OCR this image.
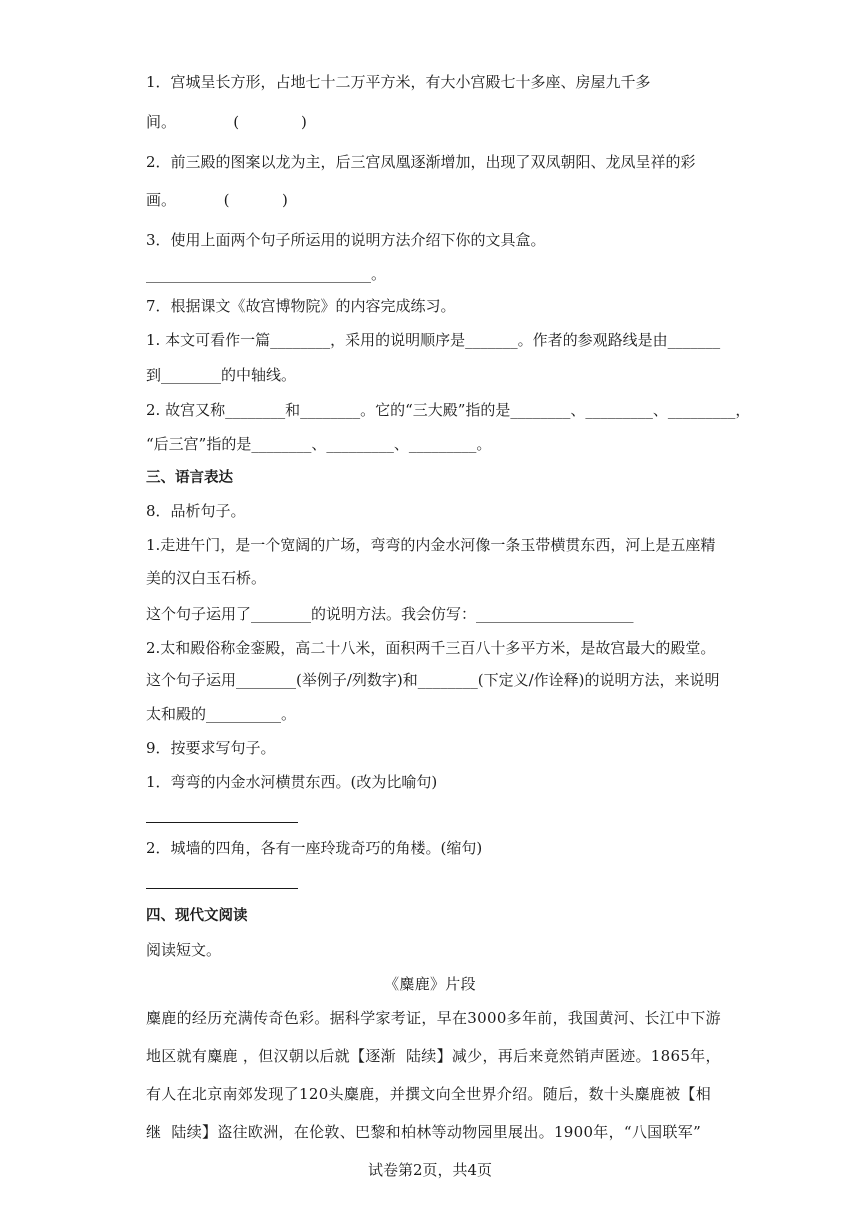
1．宫城呈长方形，占地七十二万平方米，有大小宫殿七十多座、房屋九千多
间。            (             )
2．前三殿的图案以龙为主，后三宫凤凰逐渐增加，出现了双凤朝阳、龙凤呈祥的彩
画。          (           )
3．使用上面两个句子所运用的说明方法介绍下你的文具盒。
______________________________。
7．根据课文《故宫博物院》的内容完成练习。
1. 本文可看作一篇________，采用的说明顺序是_______。作者的参观路线是由_______
到________的中轴线。
2. 故宫又称________和________。它的“三大殿”指的是________、_________、_________，
“后三宫”指的是________、_________、_________。
三、语言表达
8．品析句子。
1.走进午门，是一个宽阔的广场，弯弯的内金水河像一条玉带横贯东西，河上是五座精
美的汉白玉石桥。
这个句子运用了________的说明方法。我会仿写：_____________________
2.太和殿俗称金銮殿，高二十八米，面积两千三百八十多平方米，是故宫最大的殿堂。
这个句子运用________(举例子/列数字)和________(下定义/作诠释)的说明方法，来说明
太和殿的__________。
9．按要求写句子。
1．弯弯的内金水河横贯东西。(改为比喻句)
2．城墙的四角，各有一座玲珑奇巧的角楼。(缩句)
四、现代文阅读
阅读短文。
《麋鹿》片段
麋鹿的经历充满传奇色彩。据科学家考证，早在3000多年前，我国黄河、长江中下游
地区就有麋鹿 ，但汉朝以后就【逐渐  陆续】减少，再后来竟然销声匿迹。1865年，
有人在北京南郊发现了120头麋鹿，并撰文向全世界介绍。随后，数十头麋鹿被【相
继  陆续】盗往欧洲，在伦敦、巴黎和柏林等动物园里展出。1900年，“八国联军”
试卷第2页，共4页
